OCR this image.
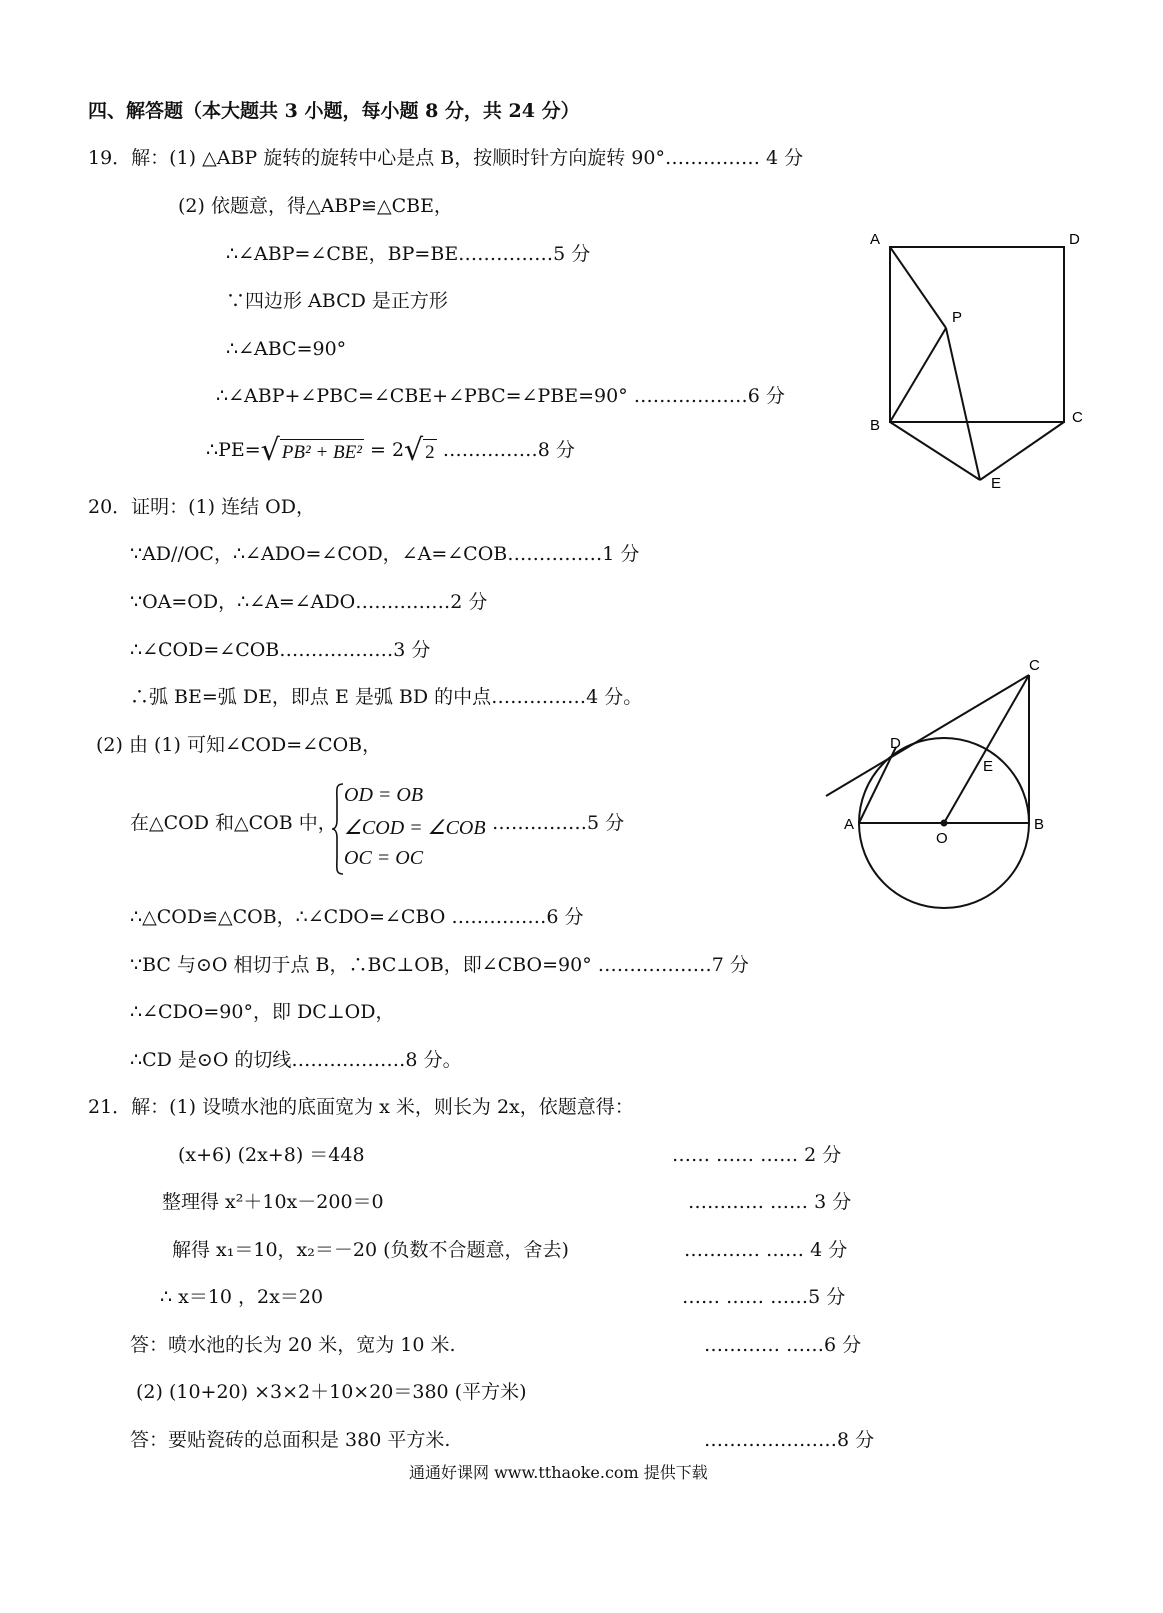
四、解答题（本大题共 3 小题，每小题 8 分，共 24 分）
19．解：(1) △ABP 旋转的旋转中心是点 B，按顺时针方向旋转 90°…………… 4 分
(2) 依题意，得△ABP≌△CBE，
∴∠ABP=∠CBE，BP=BE……………5 分
∵四边形 ABCD 是正方形
∴∠ABC=90°
∴∠ABP+∠PBC=∠CBE+∠PBC=∠PBE=90° ………………6 分
∴PE= √ PB² + BE² = 2 √ 2 ……………8 分
A	D
P
B	C
E
20．证明：(1) 连结 OD，
∵AD//OC，∴∠ADO=∠COD，∠A=∠COB……………1 分
∵OA=OD，∴∠A=∠ADO……………2 分
∴∠COD=∠COB………………3 分
∴弧 BE=弧 DE，即点 E 是弧 BD 的中点……………4 分。
(2) 由 (1) 可知∠COD=∠COB，
在△COD 和△COB 中，
OD = OB
∠COD = ∠COB
OC = OC
……………5 分
∴△COD≌△COB，∴∠CDO=∠CBO ……………6 分
∵BC 与⊙O 相切于点 B，∴BC⊥OB，即∠CBO=90° ………………7 分
∴∠CDO=90°，即 DC⊥OD，
∴CD 是⊙O 的切线………………8 分。
C
D
E
A
O
B
21．解：(1) 设喷水池的底面宽为 x 米，则长为 2x，依题意得：
(x+6) (2x+8) ＝448	…… …… …… 2 分
整理得 x²＋10x－200＝0	………… …… 3 分
解得 x₁＝10，x₂＝－20 (负数不合题意，舍去)	………… …… 4 分
∴ x＝10 ，2x＝20	…… …… ……5 分
答：喷水池的长为 20 米，宽为 10 米.	………… ……6 分
(2) (10+20) ×3×2＋10×20＝380 (平方米)
答：要贴瓷砖的总面积是 380 平方米.	…………………8 分
通通好课网 www.tthaoke.com 提供下载
